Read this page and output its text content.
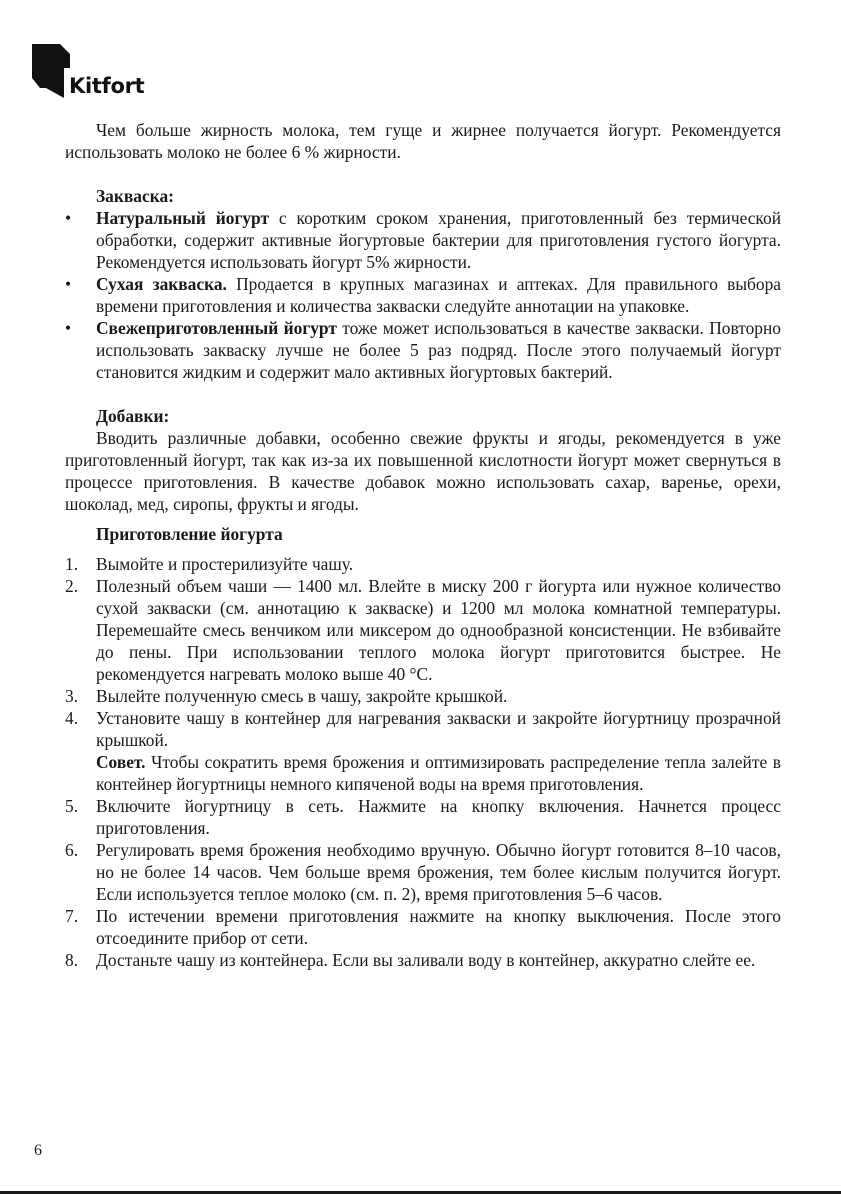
Kitfort

Чем больше жирность молока, тем гуще и жирнее получается йогурт. Рекомендуется использовать молоко не более 6 % жирности.

Закваска:

• Натуральный йогурт с коротким сроком хранения, приготовленный без термической обработки, содержит активные йогуртовые бактерии для приготовления густого йогурта. Рекомендуется использовать йогурт 5% жирности.
• Сухая закваска. Продается в крупных магазинах и аптеках. Для правильного выбора времени приготовления и количества закваски следуйте аннотации на упаковке.
• Свежеприготовленный йогурт тоже может использоваться в качестве закваски. Повторно использовать закваску лучше не более 5 раз подряд. После этого получаемый йогурт становится жидким и содержит мало активных йогуртовых бактерий.

Добавки:

Вводить различные добавки, особенно свежие фрукты и ягоды, рекомендуется в уже приготовленный йогурт, так как из-за их повышенной кислотности йогурт может свернуться в процессе приготовления. В качестве добавок можно использовать сахар, варенье, орехи, шоколад, мед, сиропы, фрукты и ягоды.

Приготовление йогурта

1. Вымойте и простерилизуйте чашу.
2. Полезный объем чаши — 1400 мл. Влейте в миску 200 г йогурта или нужное количество сухой закваски (см. аннотацию к закваске) и 1200 мл молока комнатной температуры. Перемешайте смесь венчиком или миксером до однообразной консистенции. Не взбивайте до пены. При использовании теплого молока йогурт приготовится быстрее. Не рекомендуется нагревать молоко выше 40 °C.
3. Вылейте полученную смесь в чашу, закройте крышкой.
4. Установите чашу в контейнер для нагревания закваски и закройте йогуртницу прозрачной крышкой.
Совет. Чтобы сократить время брожения и оптимизировать распределение тепла залейте в контейнер йогуртницы немного кипяченой воды на время приготовления.
5. Включите йогуртницу в сеть. Нажмите на кнопку включения. Начнется процесс приготовления.
6. Регулировать время брожения необходимо вручную. Обычно йогурт готовится 8–10 часов, но не более 14 часов. Чем больше время брожения, тем более кислым получится йогурт. Если используется теплое молоко (см. п. 2), время приготовления 5–6 часов.
7. По истечении времени приготовления нажмите на кнопку выключения. После этого отсоедините прибор от сети.
8. Достаньте чашу из контейнера. Если вы заливали воду в контейнер, аккуратно слейте ее.
6
